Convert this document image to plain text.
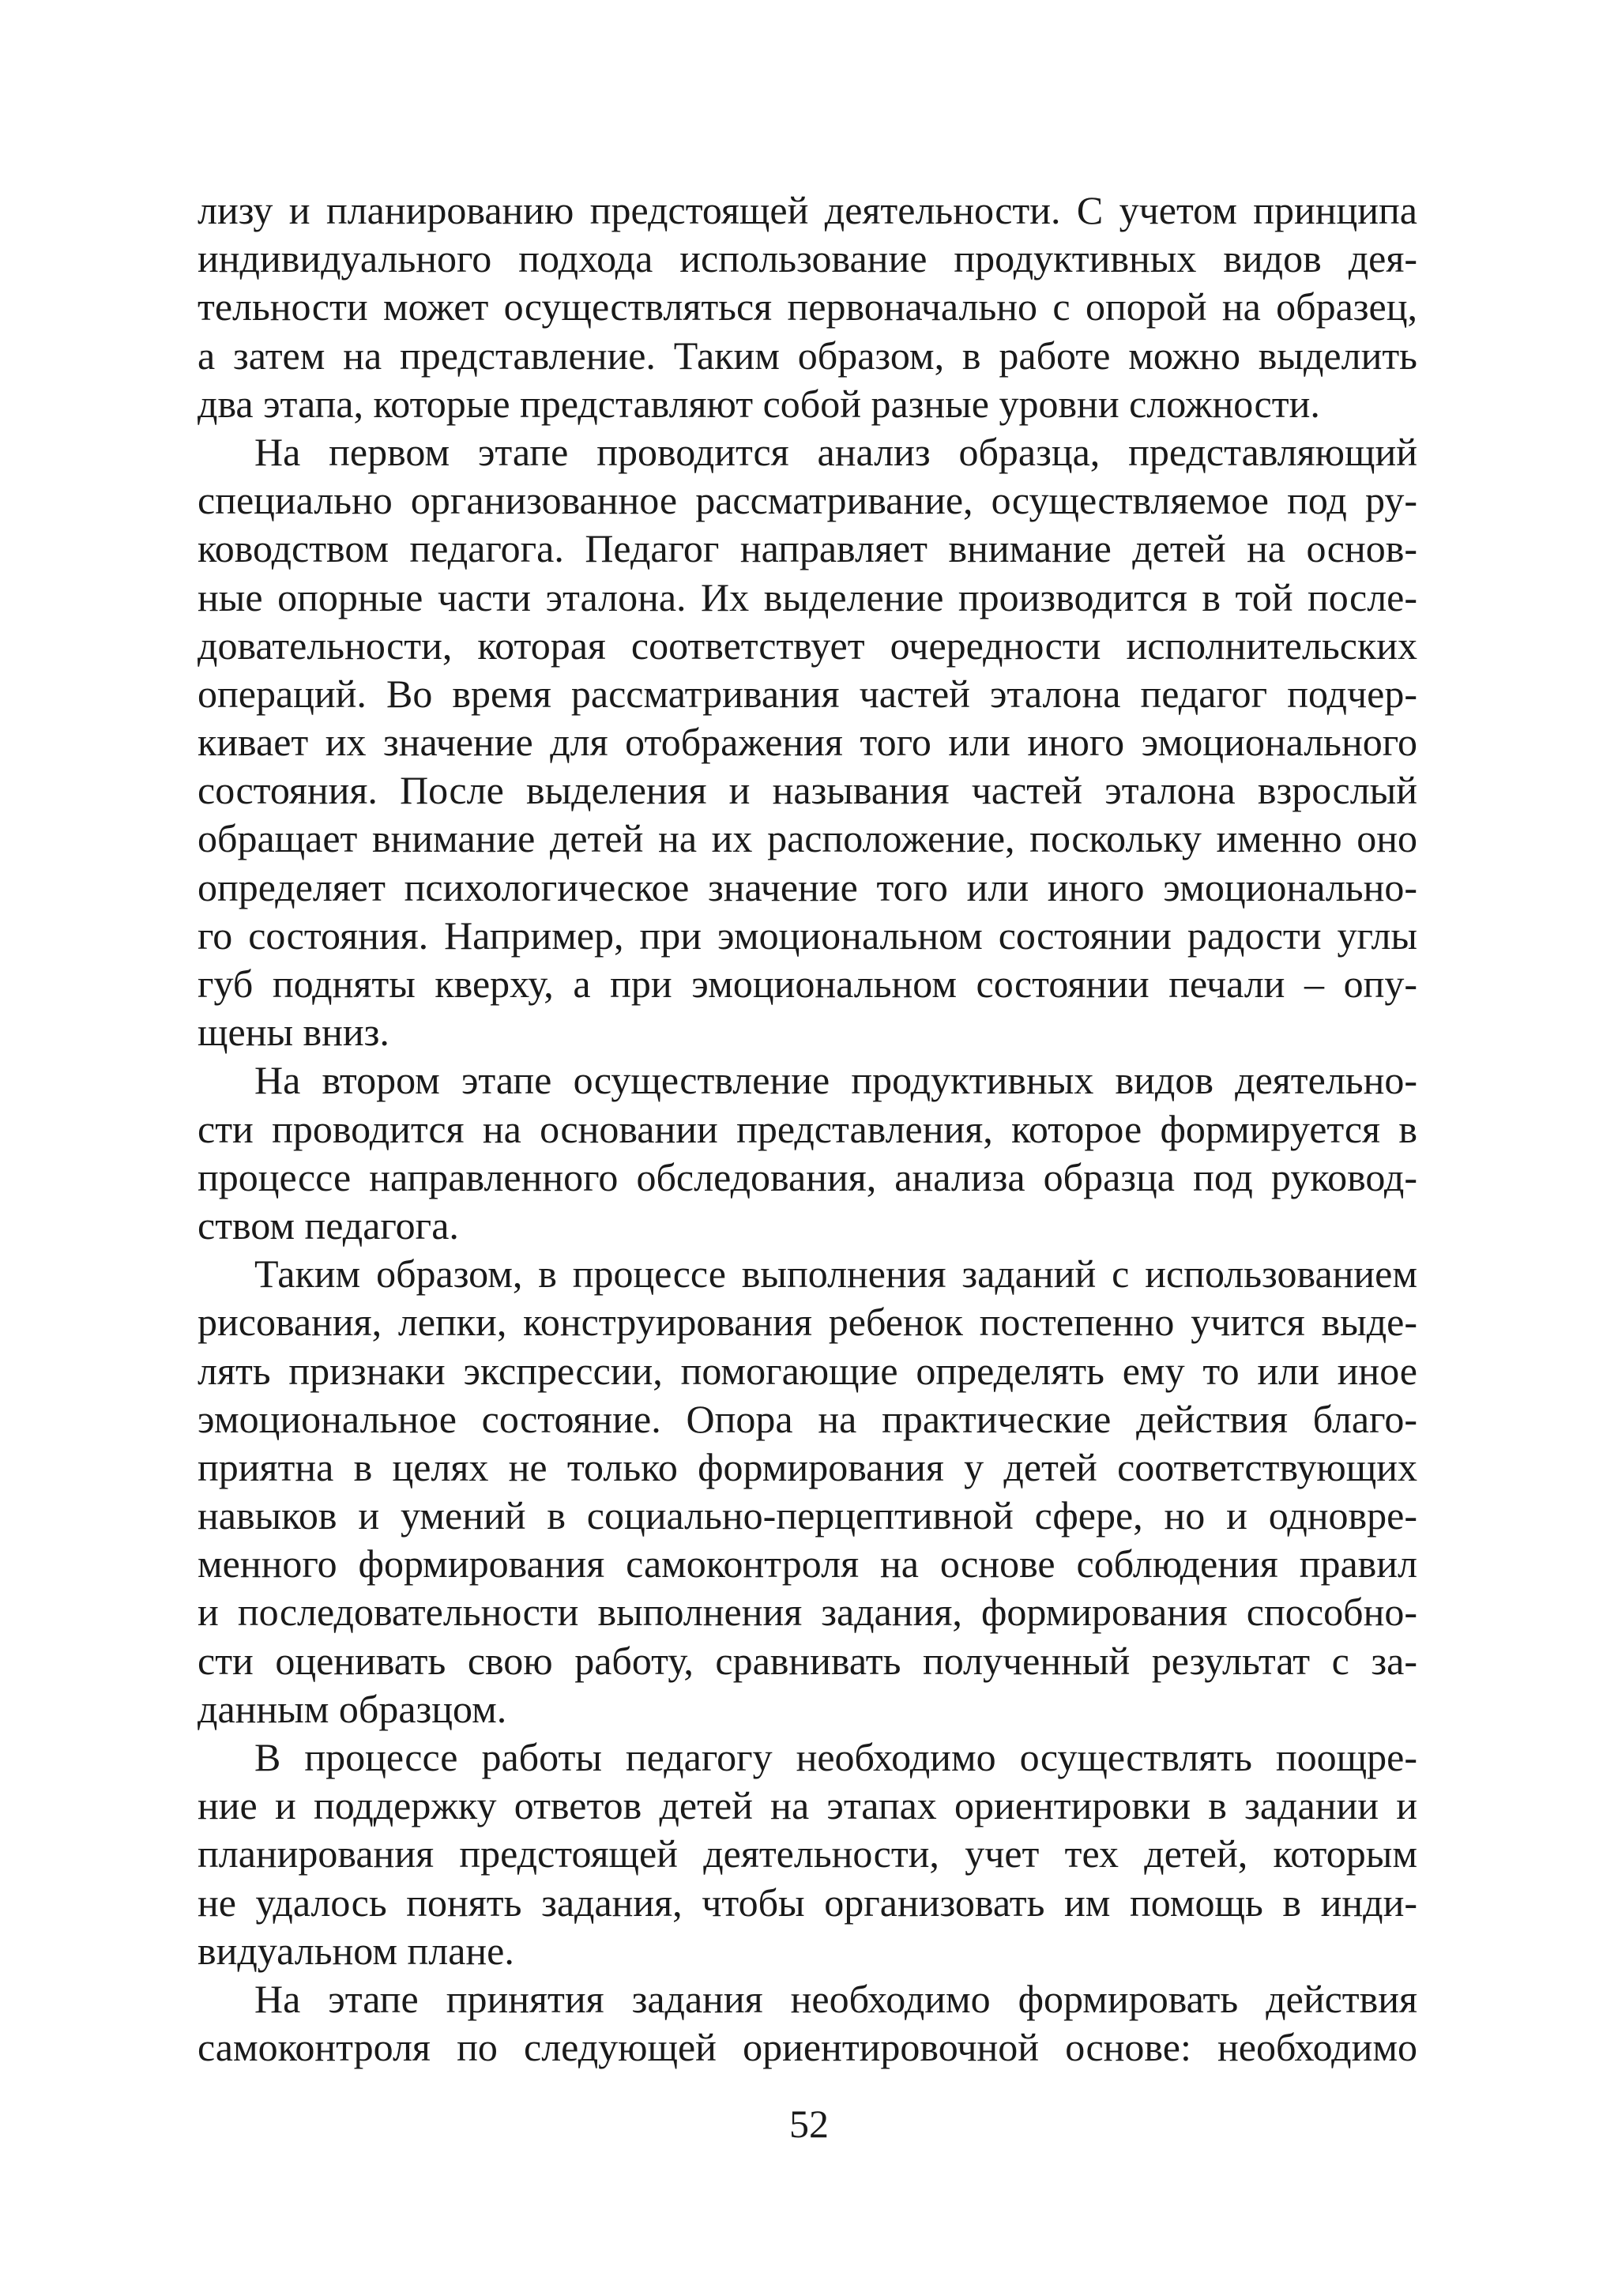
лизу и планированию предстоящей деятельности. С учетом принципа
индивидуального подхода использование продуктивных видов дея-
тельности может осуществляться первоначально с опорой на образец,
а затем на представление. Таким образом, в работе можно выделить
два этапа, которые представляют собой разные уровни сложности.
На первом этапе проводится анализ образца, представляющий
специально организованное рассматривание, осуществляемое под ру-
ководством педагога. Педагог направляет внимание детей на основ-
ные опорные части эталона. Их выделение производится в той после-
довательности, которая соответствует очередности исполнительских
операций. Во время рассматривания частей эталона педагог подчер-
кивает их значение для отображения того или иного эмоционального
состояния. После выделения и называния частей эталона взрослый
обращает внимание детей на их расположение, поскольку именно оно
определяет психологическое значение того или иного эмоционально-
го состояния. Например, при эмоциональном состоянии радости углы
губ подняты кверху, а при эмоциональном состоянии печали – опу-
щены вниз.
На втором этапе осуществление продуктивных видов деятельно-
сти проводится на основании представления, которое формируется в
процессе направленного обследования, анализа образца под руковод-
ством педагога.
Таким образом, в процессе выполнения заданий с использованием
рисования, лепки, конструирования ребенок постепенно учится выде-
лять признаки экспрессии, помогающие определять ему то или иное
эмоциональное состояние. Опора на практические действия благо-
приятна в целях не только формирования у детей соответствующих
навыков и умений в социально-перцептивной сфере, но и одновре-
менного формирования самоконтроля на основе соблюдения правил
и последовательности выполнения задания, формирования способно-
сти оценивать свою работу, сравнивать полученный результат с за-
данным образцом.
В процессе работы педагогу необходимо осуществлять поощре-
ние и поддержку ответов детей на этапах ориентировки в задании и
планирования предстоящей деятельности, учет тех детей, которым
не удалось понять задания, чтобы организовать им помощь в инди-
видуальном плане.
На этапе принятия задания необходимо формировать действия
самоконтроля по следующей ориентировочной основе: необходимо
52
